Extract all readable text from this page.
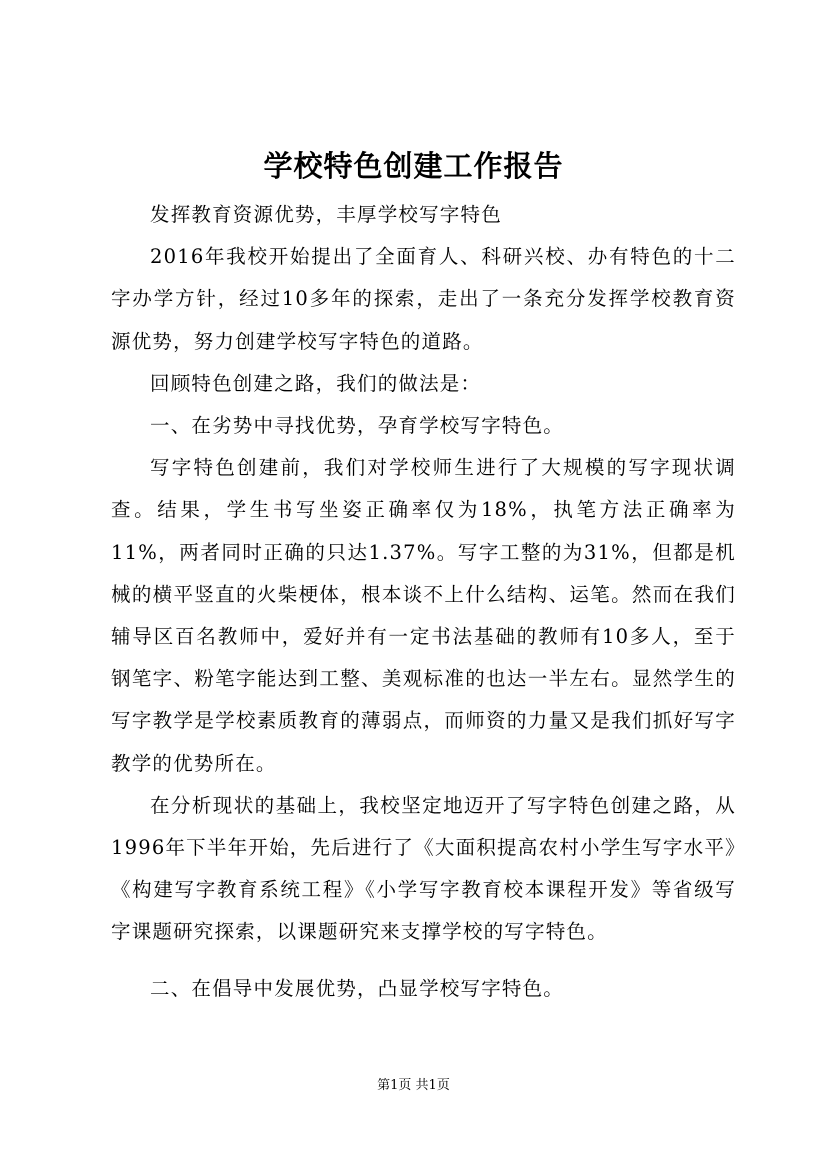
学校特色创建工作报告

发挥教育资源优势，丰厚学校写字特色

2016年我校开始提出了全面育人、科研兴校、办有特色的十二字办学方针，经过10多年的探索，走出了一条充分发挥学校教育资源优势，努力创建学校写字特色的道路。

回顾特色创建之路，我们的做法是：

一、在劣势中寻找优势，孕育学校写字特色。

写字特色创建前，我们对学校师生进行了大规模的写字现状调查。结果，学生书写坐姿正确率仅为18%，执笔方法正确率为11%，两者同时正确的只达1.37%。写字工整的为31%，但都是机械的横平竖直的火柴梗体，根本谈不上什么结构、运笔。然而在我们辅导区百名教师中，爱好并有一定书法基础的教师有10多人，至于钢笔字、粉笔字能达到工整、美观标准的也达一半左右。显然学生的写字教学是学校素质教育的薄弱点，而师资的力量又是我们抓好写字教学的优势所在。

在分析现状的基础上，我校坚定地迈开了写字特色创建之路，从1996年下半年开始，先后进行了《大面积提高农村小学生写字水平》《构建写字教育系统工程》《小学写字教育校本课程开发》等省级写字课题研究探索，以课题研究来支撑学校的写字特色。

二、在倡导中发展优势，凸显学校写字特色。

第1页 共1页
